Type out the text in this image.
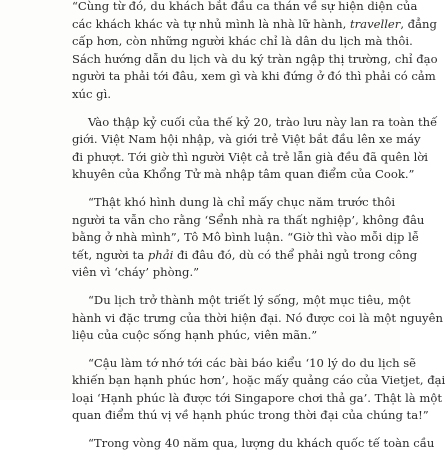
“Cùng từ đó, du khách bắt đầu ca thán về sự hiện diện của
các khách khác và tự nhủ mình là nhà lữ hành, traveller, đẳng
cấp hơn, còn những người khác chỉ là dân du lịch mà thôi.
Sách hướng dẫn du lịch và du ký tràn ngập thị trường, chỉ đạo
người ta phải tới đâu, xem gì và khi đứng ở đó thì phải có cảm
xúc gì.

Vào thập kỷ cuối của thế kỷ 20, trào lưu này lan ra toàn thế
giới. Việt Nam hội nhập, và giới trẻ Việt bắt đầu lên xe máy
đi phượt. Tới giờ thì người Việt cả trẻ lẫn già đều đã quên lời
khuyên của Khổng Tử mà nhập tâm quan điểm của Cook.”

“Thật khó hình dung là chỉ mấy chục năm trước thôi
người ta vẫn cho rằng ‘Sểnh nhà ra thất nghiệp’, không đâu
bằng ở nhà mình”, Tô Mô bình luận. “Giờ thì vào mỗi dịp lễ
tết, người ta phải đi đâu đó, dù có thể phải ngủ trong công
viên vì ‘cháy’ phòng.”

“Du lịch trở thành một triết lý sống, một mục tiêu, một
hành vi đặc trưng của thời hiện đại. Nó được coi là một nguyên
liệu của cuộc sống hạnh phúc, viên mãn.”

“Cậu làm tớ nhớ tới các bài báo kiểu ‘10 lý do du lịch sẽ
khiến bạn hạnh phúc hơn’, hoặc mấy quảng cáo của Vietjet, đại
loại ‘Hạnh phúc là được tới Singapore chơi thả ga’. Thật là một
quan điểm thú vị về hạnh phúc trong thời đại của chúng ta!”

“Trong vòng 40 năm qua, lượng du khách quốc tế toàn cầu
